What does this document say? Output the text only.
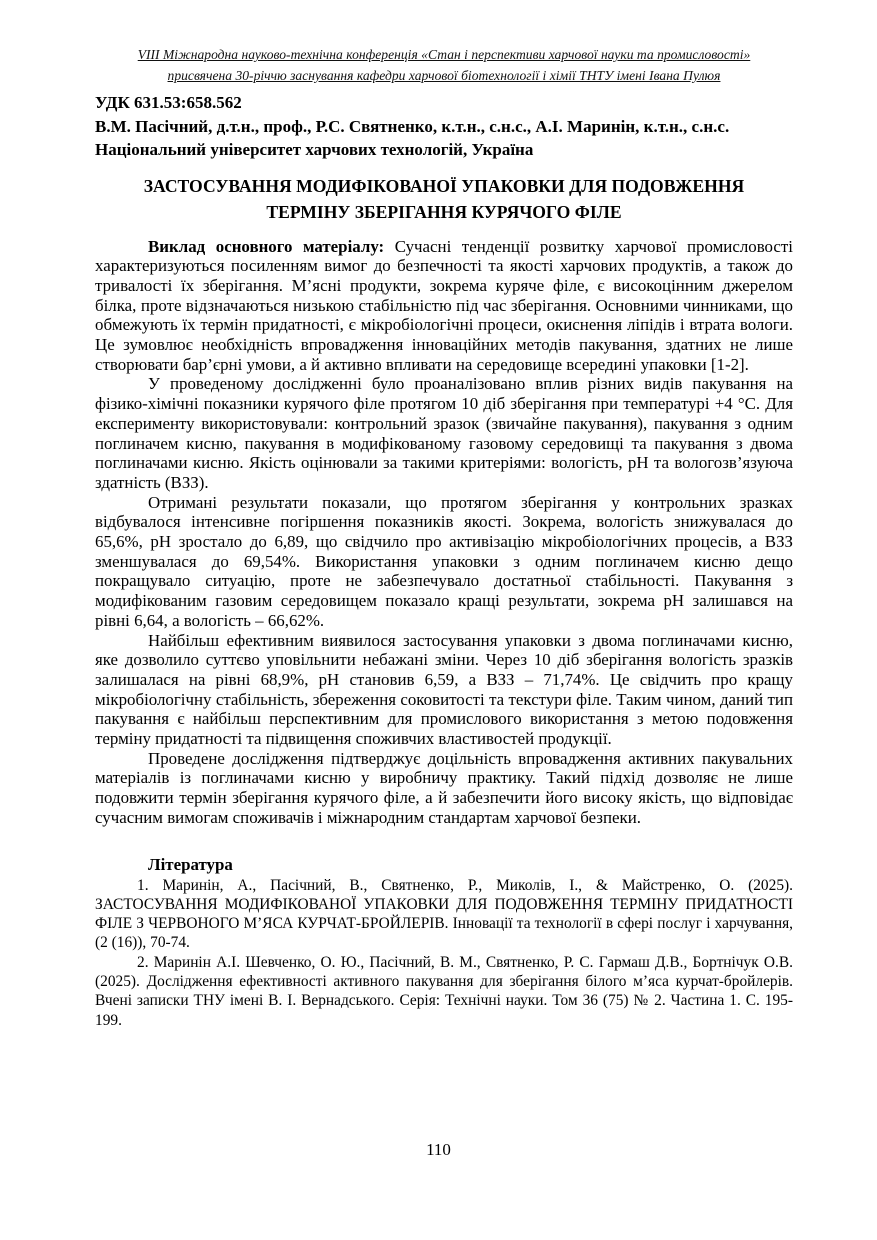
VIII Міжнародна науково-технічна конференція «Стан і перспективи харчової науки та промисловості»
присвячена 30-річчю заснування кафедри харчової біотехнології і хімії ТНТУ імені Івана Пулюя
УДК 631.53:658.562
В.М. Пасічний, д.т.н., проф., Р.С. Святненко, к.т.н., с.н.с., А.І. Маринін, к.т.н., с.н.с.
Національний університет харчових технологій, Україна
ЗАСТОСУВАННЯ МОДИФІКОВАНОЇ УПАКОВКИ ДЛЯ ПОДОВЖЕННЯ ТЕРМІНУ ЗБЕРІГАННЯ КУРЯЧОГО ФІЛЕ

Виклад основного матеріалу: Сучасні тенденції розвитку харчової промисловості характеризуються посиленням вимог до безпечності та якості харчових продуктів, а також до тривалості їх зберігання. М’ясні продукти, зокрема куряче філе, є високоцінним джерелом білка, проте відзначаються низькою стабільністю під час зберігання. Основними чинниками, що обмежують їх термін придатності, є мікробіологічні процеси, окиснення ліпідів і втрата вологи. Це зумовлює необхідність впровадження інноваційних методів пакування, здатних не лише створювати бар’єрні умови, а й активно впливати на середовище всередині упаковки [1-2].

У проведеному дослідженні було проаналізовано вплив різних видів пакування на фізико-хімічні показники курячого філе протягом 10 діб зберігання при температурі +4 °С. Для експерименту використовували: контрольний зразок (звичайне пакування), пакування з одним поглиначем кисню, пакування в модифікованому газовому середовищі та пакування з двома поглиначами кисню. Якість оцінювали за такими критеріями: вологість, pH та вологозв’язуюча здатність (ВЗЗ).

Отримані результати показали, що протягом зберігання у контрольних зразках відбувалося інтенсивне погіршення показників якості. Зокрема, вологість знижувалася до 65,6%, pH зростало до 6,89, що свідчило про активізацію мікробіологічних процесів, а ВЗЗ зменшувалася до 69,54%. Використання упаковки з одним поглиначем кисню дещо покращувало ситуацію, проте не забезпечувало достатньої стабільності. Пакування з модифікованим газовим середовищем показало кращі результати, зокрема pH залишався на рівні 6,64, а вологість – 66,62%.

Найбільш ефективним виявилося застосування упаковки з двома поглиначами кисню, яке дозволило суттєво уповільнити небажані зміни. Через 10 діб зберігання вологість зразків залишалася на рівні 68,9%, pH становив 6,59, а ВЗЗ – 71,74%. Це свідчить про кращу мікробіологічну стабільність, збереження соковитості та текстури філе. Таким чином, даний тип пакування є найбільш перспективним для промислового використання з метою подовження терміну придатності та підвищення споживчих властивостей продукції.

Проведене дослідження підтверджує доцільність впровадження активних пакувальних матеріалів із поглиначами кисню у виробничу практику. Такий підхід дозволяє не лише подовжити термін зберігання курячого філе, а й забезпечити його високу якість, що відповідає сучасним вимогам споживачів і міжнародним стандартам харчової безпеки.

Література

1. Маринін, А., Пасічний, В., Святненко, Р., Миколів, І., & Майстренко, О. (2025). ЗАСТОСУВАННЯ МОДИФІКОВАНОЇ УПАКОВКИ ДЛЯ ПОДОВЖЕННЯ ТЕРМІНУ ПРИДАТНОСТІ ФІЛЕ З ЧЕРВОНОГО М’ЯСА КУРЧАТ-БРОЙЛЕРІВ. Інновації та технології в сфері послуг і харчування, (2 (16)), 70-74.

2. Маринін А.І. Шевченко, О. Ю., Пасічний, В. М., Святненко, Р. С. Гармаш Д.В., Бортнічук О.В. (2025). Дослідження ефективності активного пакування для зберігання білого м’яса курчат-бройлерів. Вчені записки ТНУ імені В. І. Вернадського. Серія: Технічні науки. Том 36 (75) № 2. Частина 1. С. 195-199.

110
